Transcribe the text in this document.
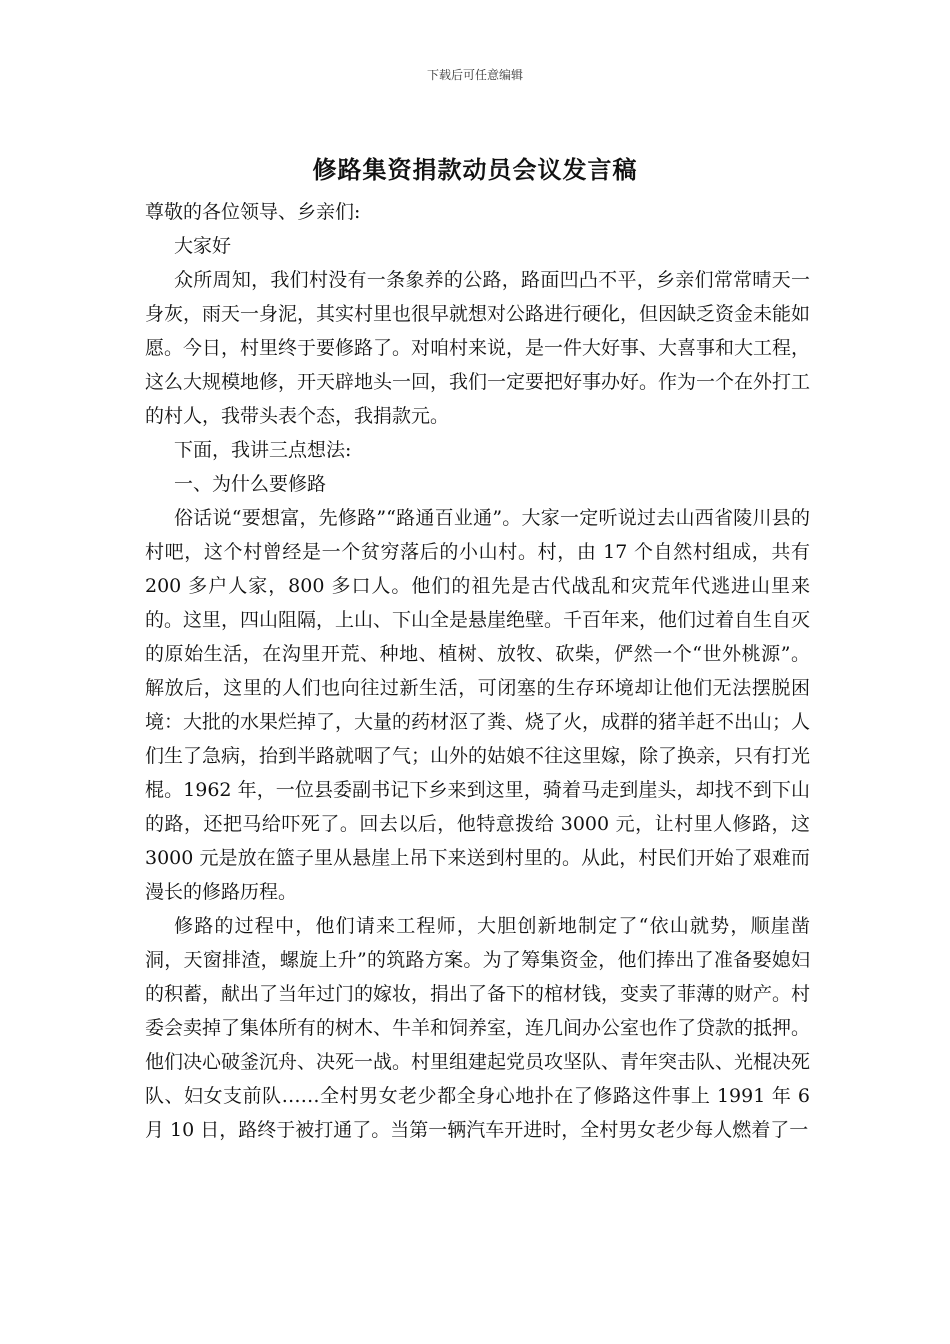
下载后可任意编辑
修路集资捐款动员会议发言稿

尊敬的各位领导、乡亲们:

大家好

众所周知，我们村没有一条象养的公路，路面凹凸不平，乡亲们常常晴天一身灰，雨天一身泥，其实村里也很早就想对公路进行硬化，但因缺乏资金未能如愿。今日，村里终于要修路了。对咱村来说，是一件大好事、大喜事和大工程，这么大规模地修，开天辟地头一回，我们一定要把好事办好。作为一个在外打工的村人，我带头表个态，我捐款元。

下面，我讲三点想法:

一、为什么要修路

俗话说“要想富，先修路”“路通百业通”。大家一定听说过去山西省陵川县的村吧，这个村曾经是一个贫穷落后的小山村。村，由 17 个自然村组成，共有 200 多户人家，800 多口人。他们的祖先是古代战乱和灾荒年代逃进山里来的。这里，四山阻隔，上山、下山全是悬崖绝壁。千百年来，他们过着自生自灭的原始生活，在沟里开荒、种地、植树、放牧、砍柴，俨然一个“世外桃源”。解放后，这里的人们也向往过新生活，可闭塞的生存环境却让他们无法摆脱困境：大批的水果烂掉了，大量的药材沤了粪、烧了火，成群的猪羊赶不出山；人们生了急病，抬到半路就咽了气；山外的姑娘不往这里嫁，除了换亲，只有打光棍。1962 年，一位县委副书记下乡来到这里，骑着马走到崖头，却找不到下山的路，还把马给吓死了。回去以后，他特意拨给 3000 元，让村里人修路，这 3000 元是放在篮子里从悬崖上吊下来送到村里的。从此，村民们开始了艰难而漫长的修路历程。

修路的过程中，他们请来工程师，大胆创新地制定了“依山就势，顺崖凿洞，天窗排渣，螺旋上升”的筑路方案。为了筹集资金，他们捧出了准备娶媳妇的积蓄，献出了当年过门的嫁妆，捐出了备下的棺材钱，变卖了菲薄的财产。村委会卖掉了集体所有的树木、牛羊和饲养室，连几间办公室也作了贷款的抵押。他们决心破釜沉舟、决死一战。村里组建起党员攻坚队、青年突击队、光棍决死队、妇女支前队……全村男女老少都全身心地扑在了修路这件事上 1991 年 6 月 10 日，路终于被打通了。当第一辆汽车开进时，全村男女老少每人燃着了一
